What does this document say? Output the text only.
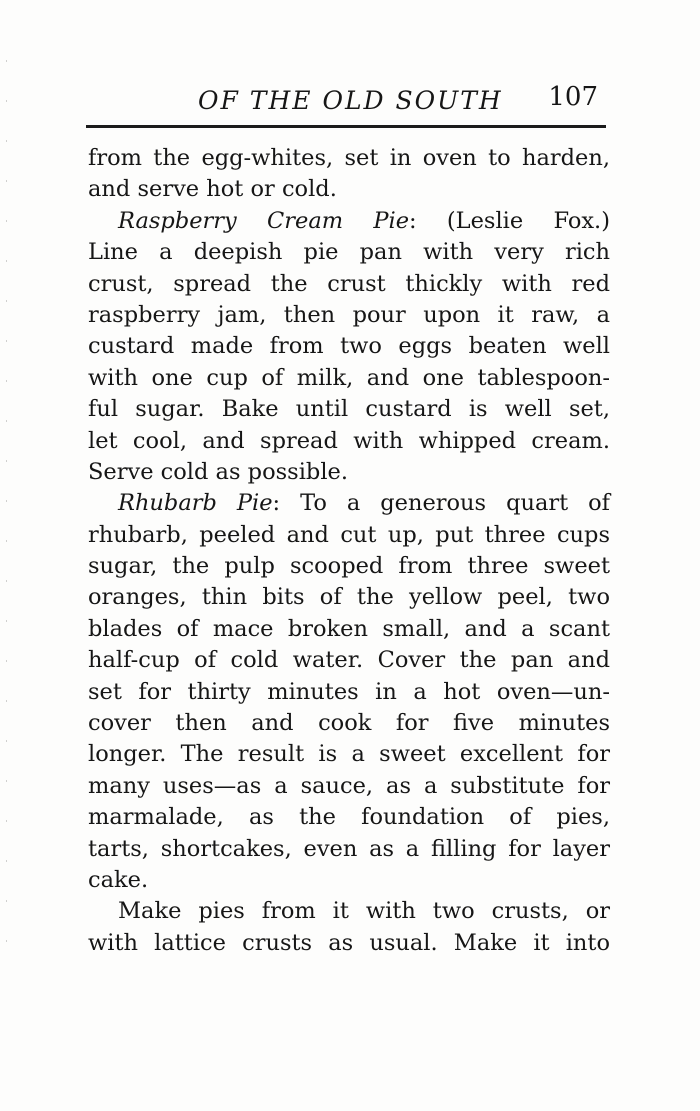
OF THE OLD SOUTH 107
from the egg-whites, set in oven to harden,
and serve hot or cold.
Raspberry Cream Pie: (Leslie Fox.)
Line a deepish pie pan with very rich
crust, spread the crust thickly with red
raspberry jam, then pour upon it raw, a
custard made from two eggs beaten well
with one cup of milk, and one tablespoon-
ful sugar. Bake until custard is well set,
let cool, and spread with whipped cream.
Serve cold as possible.
Rhubarb Pie: To a generous quart of
rhubarb, peeled and cut up, put three cups
sugar, the pulp scooped from three sweet
oranges, thin bits of the yellow peel, two
blades of mace broken small, and a scant
half-cup of cold water. Cover the pan and
set for thirty minutes in a hot oven—un-
cover then and cook for five minutes
longer. The result is a sweet excellent for
many uses—as a sauce, as a substitute for
marmalade, as the foundation of pies,
tarts, shortcakes, even as a filling for layer
cake.
Make pies from it with two crusts, or
with lattice crusts as usual. Make it into
